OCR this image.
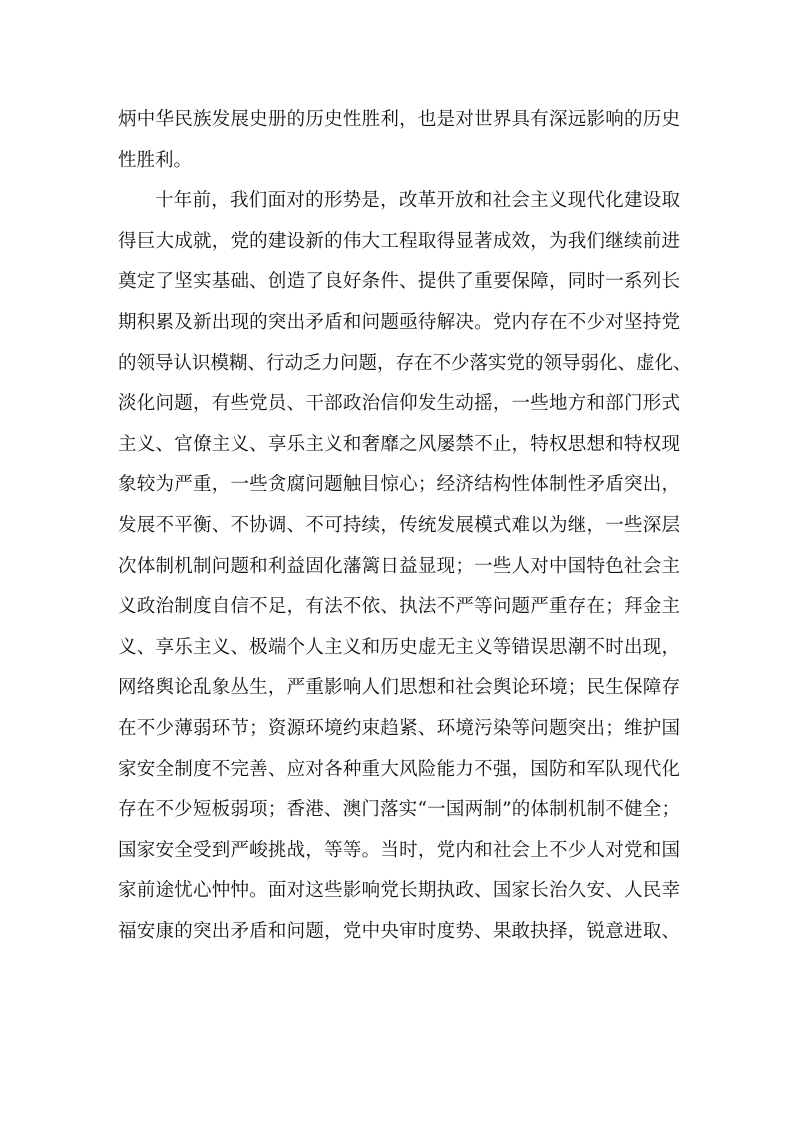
炳中华民族发展史册的历史性胜利，也是对世界具有深远影响的历史
性胜利。
十年前，我们面对的形势是，改革开放和社会主义现代化建设取
得巨大成就，党的建设新的伟大工程取得显著成效，为我们继续前进
奠定了坚实基础、创造了良好条件、提供了重要保障，同时一系列长
期积累及新出现的突出矛盾和问题亟待解决。党内存在不少对坚持党
的领导认识模糊、行动乏力问题，存在不少落实党的领导弱化、虚化、
淡化问题，有些党员、干部政治信仰发生动摇，一些地方和部门形式
主义、官僚主义、享乐主义和奢靡之风屡禁不止，特权思想和特权现
象较为严重，一些贪腐问题触目惊心；经济结构性体制性矛盾突出，
发展不平衡、不协调、不可持续，传统发展模式难以为继，一些深层
次体制机制问题和利益固化藩篱日益显现；一些人对中国特色社会主
义政治制度自信不足，有法不依、执法不严等问题严重存在；拜金主
义、享乐主义、极端个人主义和历史虚无主义等错误思潮不时出现，
网络舆论乱象丛生，严重影响人们思想和社会舆论环境；民生保障存
在不少薄弱环节；资源环境约束趋紧、环境污染等问题突出；维护国
家安全制度不完善、应对各种重大风险能力不强，国防和军队现代化
存在不少短板弱项；香港、澳门落实“一国两制”的体制机制不健全；
国家安全受到严峻挑战，等等。当时，党内和社会上不少人对党和国
家前途忧心忡忡。面对这些影响党长期执政、国家长治久安、人民幸
福安康的突出矛盾和问题，党中央审时度势、果敢抉择，锐意进取、
